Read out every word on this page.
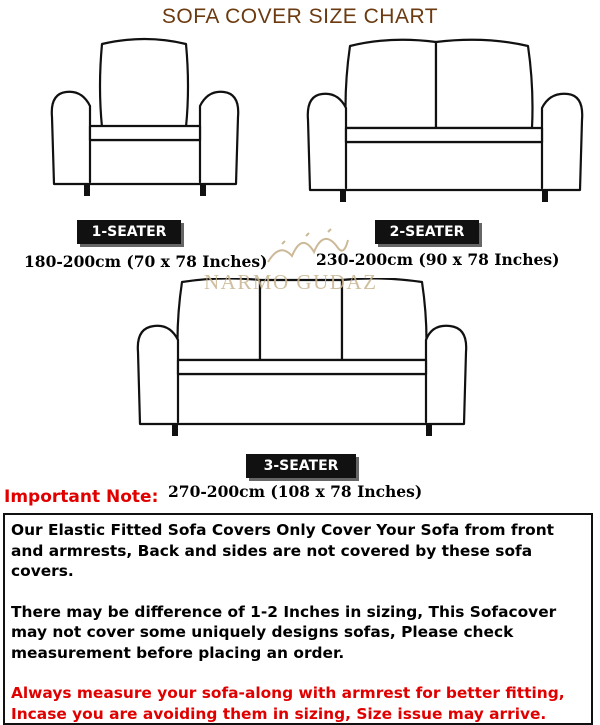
SOFA COVER SIZE CHART
NARMO GUDAZ
1-SEATER
180-200cm (70 x 78 Inches)
2-SEATER
230-200cm (90 x 78 Inches)
3-SEATER
270-200cm (108 x 78 Inches)
Important Note:

Our Elastic Fitted Sofa Covers Only Cover Your Sofa from front and armrests, Back and sides are not covered by these sofa covers.

There may be difference of 1-2 Inches in sizing, This Sofacover may not cover some uniquely designs sofas, Please check measurement before placing an order.

Always measure your sofa-along with armrest for better fitting, Incase you are avoiding them in sizing, Size issue may arrive.
